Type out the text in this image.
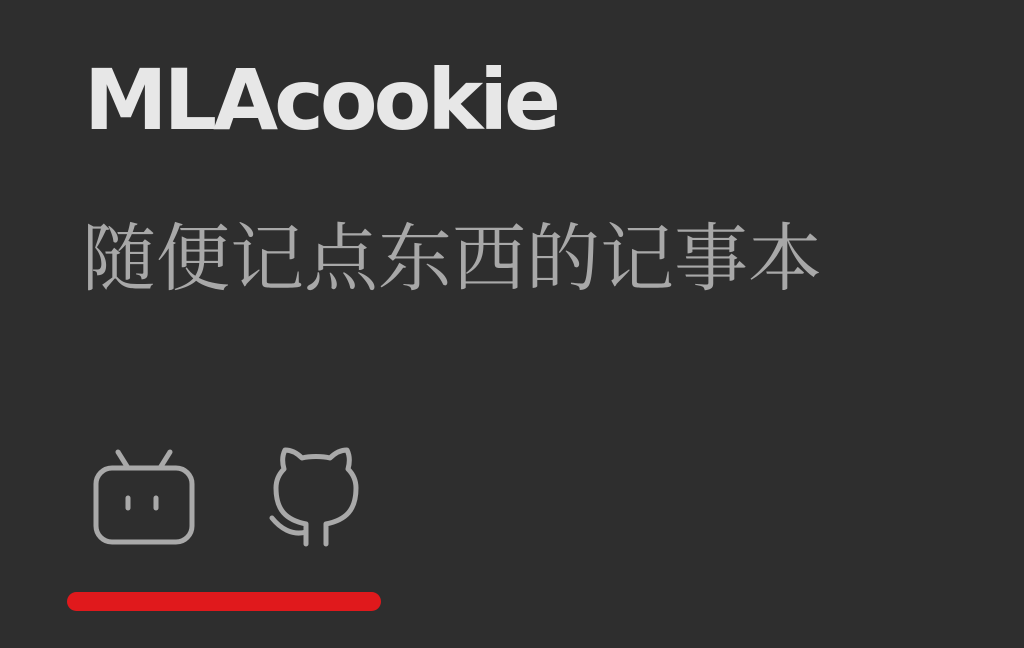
MLAcookie

随便记点东西的记事本
